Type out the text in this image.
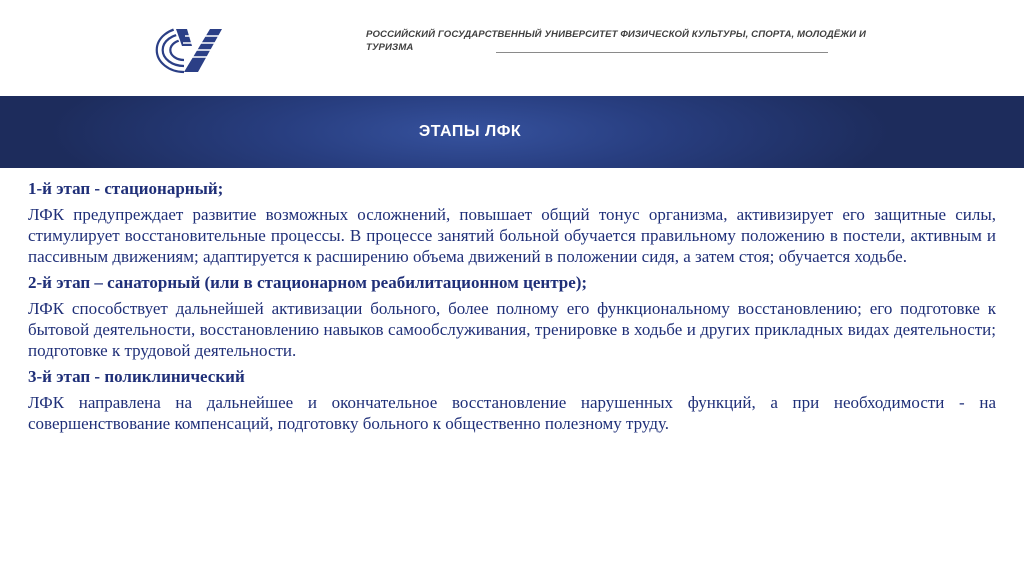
РОССИЙСКИЙ ГОСУДАРСТВЕННЫЙ УНИВЕРСИТЕТ ФИЗИЧЕСКОЙ КУЛЬТУРЫ, СПОРТА, МОЛОДЁЖИ И ТУРИЗМА
ЭТАПЫ ЛФК

1-й этап - стационарный;

ЛФК предупреждает развитие возможных осложнений, повышает общий тонус организма, активизирует его защитные силы, стимулирует восстановительные процессы. В процессе занятий больной обучается правильному положению в постели, активным и пассивным движениям; адаптируется к расширению объема движений в положении сидя, а затем стоя; обучается ходьбе.

2-й этап – санаторный (или в стационарном реабилитационном центре);

ЛФК способствует дальнейшей активизации больного, более полному его функциональному восстановлению; его подготовке к бытовой деятельности, восстановлению навыков самообслуживания, тренировке в ходьбе и других прикладных видах деятельности; подготовке к трудовой деятельности.

3-й этап - поликлинический

ЛФК направлена на дальнейшее и окончательное восстановление нарушенных функций, а при необходимости - на совершенствование компенсаций, подготовку больного к общественно полезному труду.
